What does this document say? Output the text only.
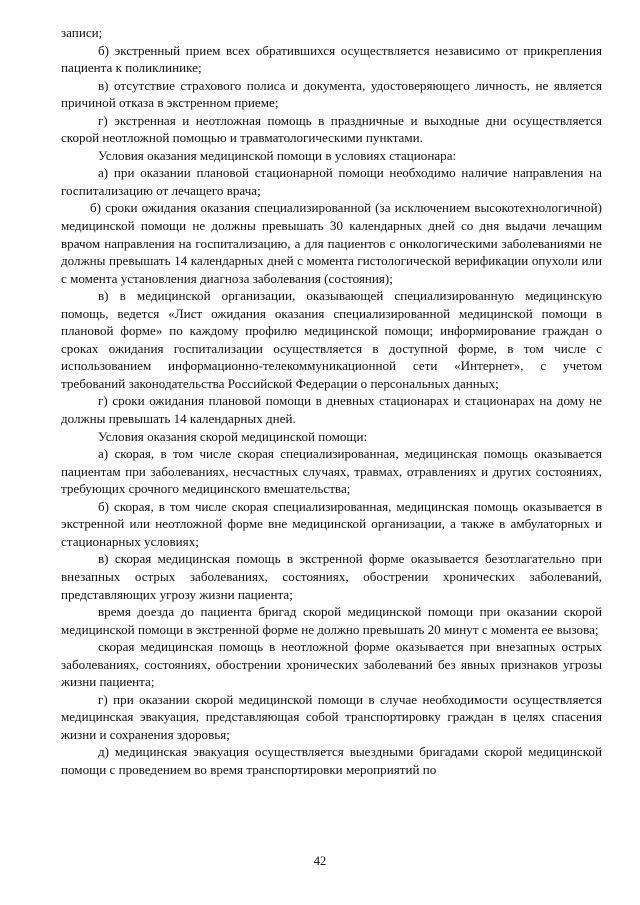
записи;

б) экстренный прием всех обратившихся осуществляется независимо от прикрепления пациента к поликлинике;

в) отсутствие страхового полиса и документа, удостоверяющего личность, не является причиной отказа в экстренном приеме;

г) экстренная и неотложная помощь в праздничные и выходные дни осуществляется скорой неотложной помощью и травматологическими пунктами.

Условия оказания медицинской помощи в условиях стационара:

а) при оказании плановой стационарной помощи необходимо наличие направления на госпитализацию от лечащего врача;

б) сроки ожидания оказания специализированной (за исключением высокотехнологичной) медицинской помощи не должны превышать 30 календарных дней со дня выдачи лечащим врачом направления на госпитализацию, а для пациентов с онкологическими заболеваниями не должны превышать 14 календарных дней с момента гистологической верификации опухоли или с момента установления диагноза заболевания (состояния);

в) в медицинской организации, оказывающей специализированную медицинскую помощь, ведется «Лист ожидания оказания специализированной медицинской помощи в плановой форме» по каждому профилю медицинской помощи; информирование граждан о сроках ожидания госпитализации осуществляется в доступной форме, в том числе с использованием информационно-телекоммуникационной сети «Интернет», с учетом требований законодательства Российской Федерации о персональных данных;

г) сроки ожидания плановой помощи в дневных стационарах и стационарах на дому не должны превышать 14 календарных дней.

Условия оказания скорой медицинской помощи:

а) скорая, в том числе скорая специализированная, медицинская помощь оказывается пациентам при заболеваниях, несчастных случаях, травмах, отравлениях и других состояниях, требующих срочного медицинского вмешательства;

б) скорая, в том числе скорая специализированная, медицинская помощь оказывается в экстренной или неотложной форме вне медицинской организации, а также в амбулаторных и стационарных условиях;

в) скорая медицинская помощь в экстренной форме оказывается безотлагательно при внезапных острых заболеваниях, состояниях, обострении хронических заболеваний, представляющих угрозу жизни пациента;

время доезда до пациента бригад скорой медицинской помощи при оказании скорой медицинской помощи в экстренной форме не должно превышать 20 минут с момента ее вызова;

скорая медицинская помощь в неотложной форме оказывается при внезапных острых заболеваниях, состояниях, обострении хронических заболеваний без явных признаков угрозы жизни пациента;

г) при оказании скорой медицинской помощи в случае необходимости осуществляется медицинская эвакуация, представляющая собой транспортировку граждан в целях спасения жизни и сохранения здоровья;

д) медицинская эвакуация осуществляется выездными бригадами скорой медицинской помощи с проведением во время транспортировки мероприятий по

42
